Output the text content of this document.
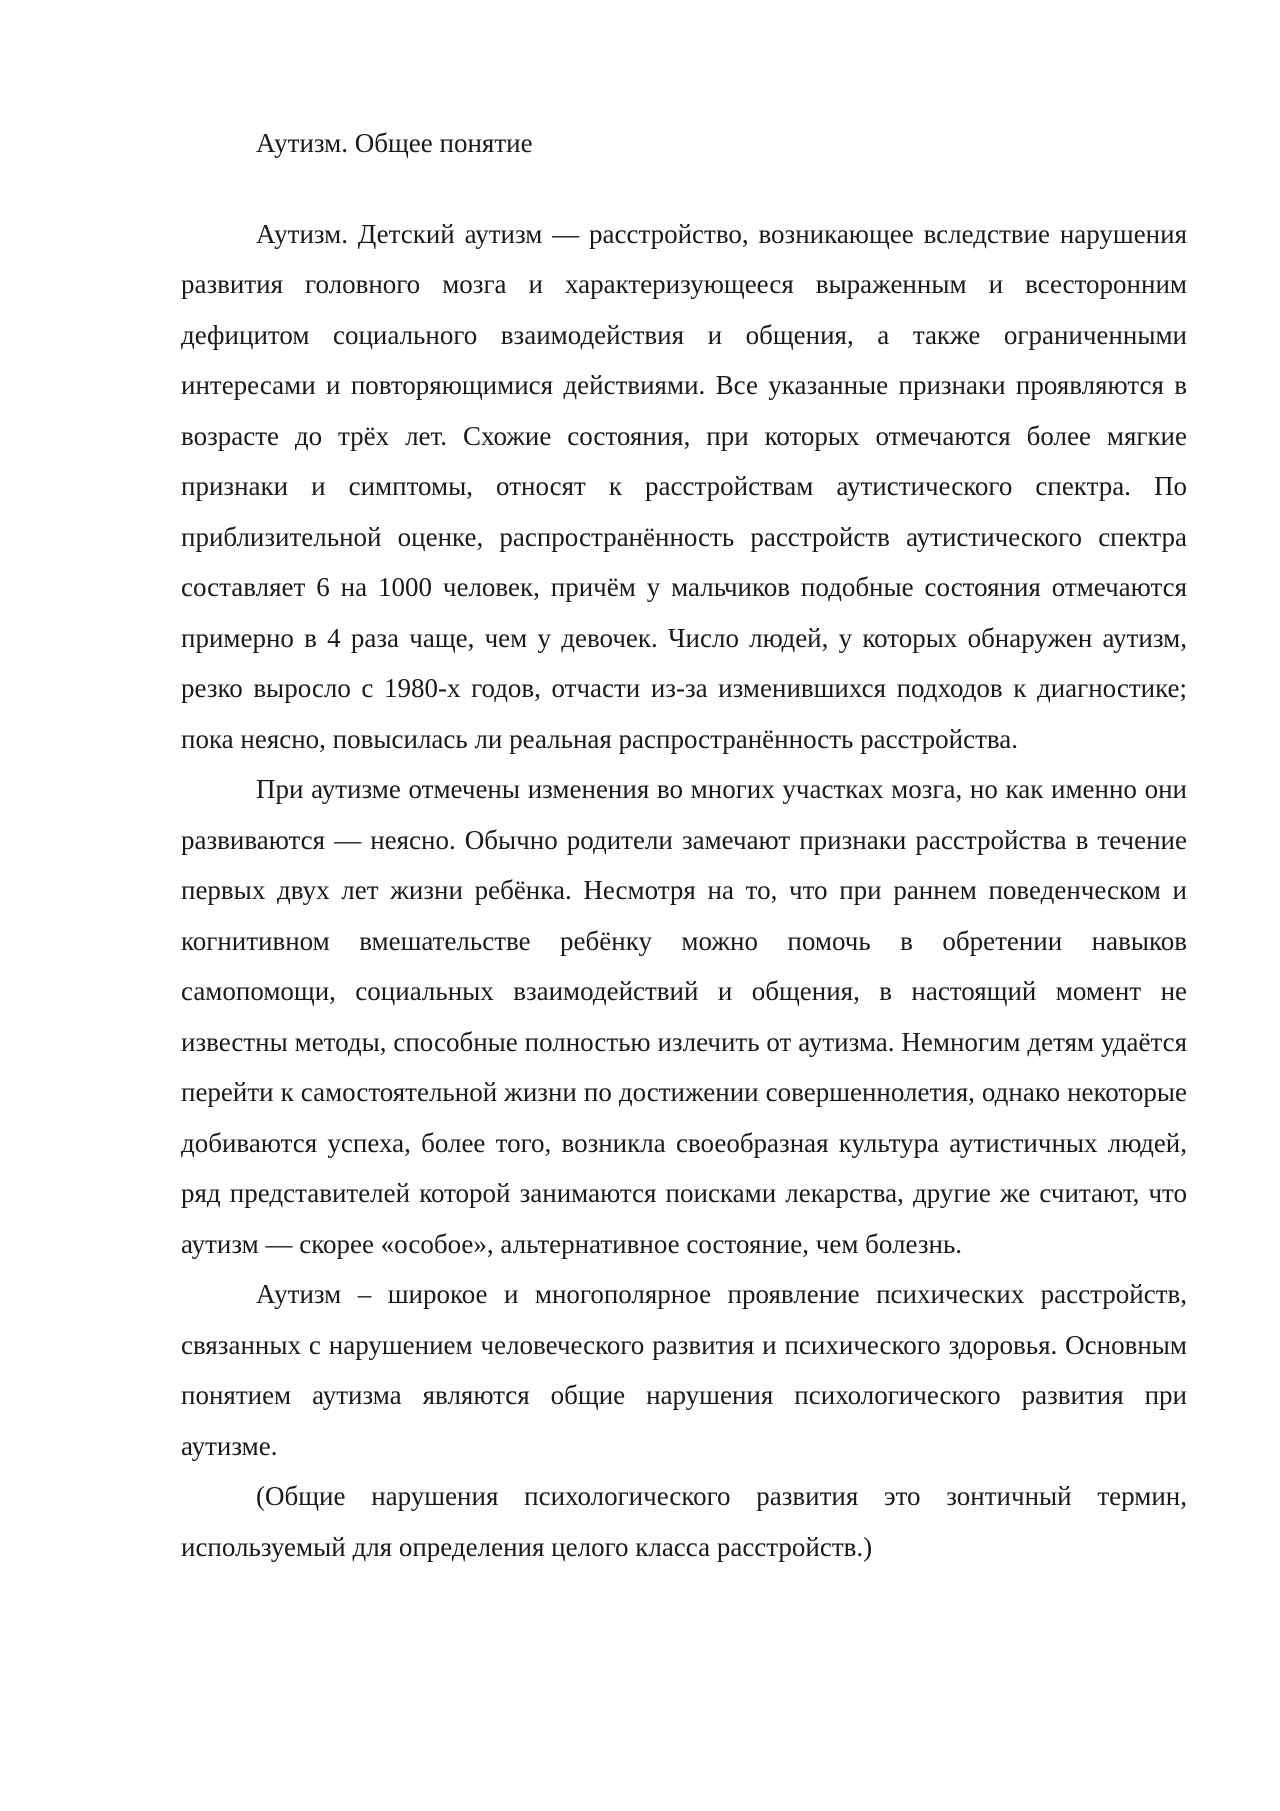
Аутизм. Общее понятие

Аутизм. Детский аутизм — расстройство, возникающее вследствие нарушения развития головного мозга и характеризующееся выраженным и всесторонним дефицитом социального взаимодействия и общения, а также ограниченными интересами и повторяющимися действиями. Все указанные признаки проявляются в возрасте до трёх лет. Схожие состояния, при которых отмечаются более мягкие признаки и симптомы, относят к расстройствам аутистического спектра. По приблизительной оценке, распространённость расстройств аутистического спектра составляет 6 на 1000 человек, причём у мальчиков подобные состояния отмечаются примерно в 4 раза чаще, чем у девочек. Число людей, у которых обнаружен аутизм, резко выросло с 1980-х годов, отчасти из-за изменившихся подходов к диагностике; пока неясно, повысилась ли реальная распространённость расстройства.

При аутизме отмечены изменения во многих участках мозга, но как именно они развиваются — неясно. Обычно родители замечают признаки расстройства в течение первых двух лет жизни ребёнка. Несмотря на то, что при раннем поведенческом и когнитивном вмешательстве ребёнку можно помочь в обретении навыков самопомощи, социальных взаимодействий и общения, в настоящий момент не известны методы, способные полностью излечить от аутизма. Немногим детям удаётся перейти к самостоятельной жизни по достижении совершеннолетия, однако некоторые добиваются успеха, более того, возникла своеобразная культура аутистичных людей, ряд представителей которой занимаются поисками лекарства, другие же считают, что аутизм — скорее «особое», альтернативное состояние, чем болезнь.

Аутизм – широкое и многополярное проявление психических расстройств, связанных с нарушением человеческого развития и психического здоровья. Основным понятием аутизма являются общие нарушения психологического развития при аутизме.

(Общие нарушения психологического развития это зонтичный термин, используемый для определения целого класса расстройств.)
